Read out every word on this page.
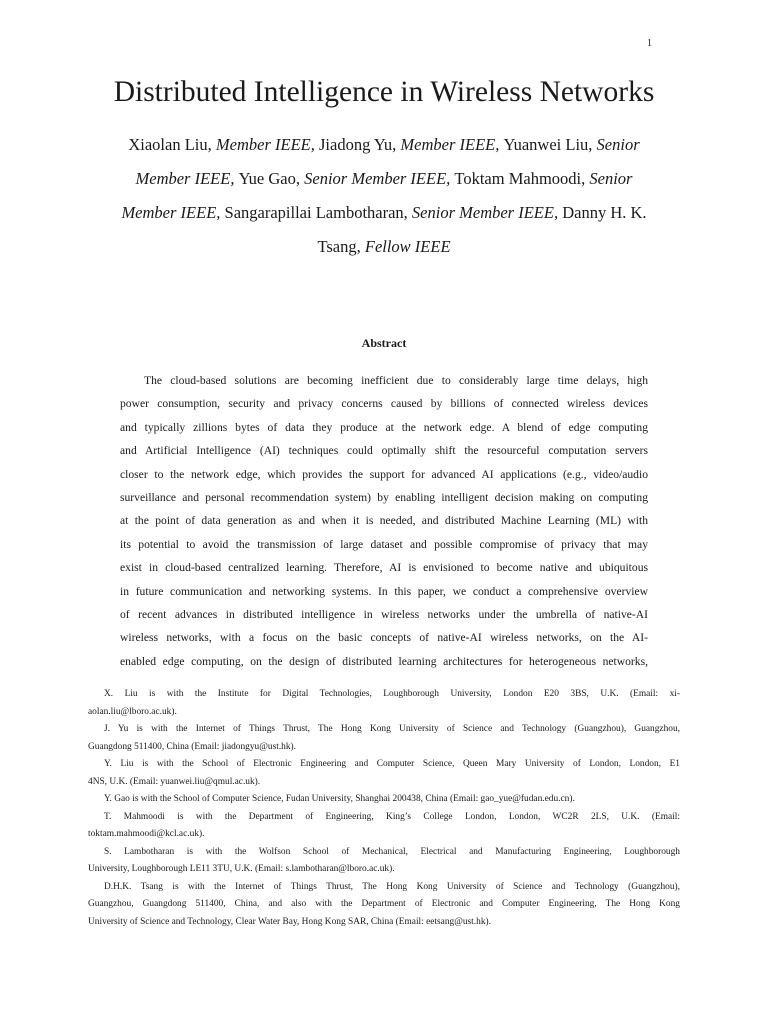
1
Distributed Intelligence in Wireless Networks
Xiaolan Liu, Member IEEE, Jiadong Yu, Member IEEE, Yuanwei Liu, Senior
Member IEEE, Yue Gao, Senior Member IEEE, Toktam Mahmoodi, Senior
Member IEEE, Sangarapillai Lambotharan, Senior Member IEEE, Danny H. K.
Tsang, Fellow IEEE
Abstract
The cloud-based solutions are becoming inefficient due to considerably large time delays, high
power consumption, security and privacy concerns caused by billions of connected wireless devices
and typically zillions bytes of data they produce at the network edge. A blend of edge computing
and Artificial Intelligence (AI) techniques could optimally shift the resourceful computation servers
closer to the network edge, which provides the support for advanced AI applications (e.g., video/audio
surveillance and personal recommendation system) by enabling intelligent decision making on computing
at the point of data generation as and when it is needed, and distributed Machine Learning (ML) with
its potential to avoid the transmission of large dataset and possible compromise of privacy that may
exist in cloud-based centralized learning. Therefore, AI is envisioned to become native and ubiquitous
in future communication and networking systems. In this paper, we conduct a comprehensive overview
of recent advances in distributed intelligence in wireless networks under the umbrella of native-AI
wireless networks, with a focus on the basic concepts of native-AI wireless networks, on the AI-
enabled edge computing, on the design of distributed learning architectures for heterogeneous networks,
X. Liu is with the Institute for Digital Technologies, Loughborough University, London E20 3BS, U.K. (Email: xi-
aolan.liu@lboro.ac.uk).
J. Yu is with the Internet of Things Thrust, The Hong Kong University of Science and Technology (Guangzhou), Guangzhou,
Guangdong 511400, China (Email: jiadongyu@ust.hk).
Y. Liu is with the School of Electronic Engineering and Computer Science, Queen Mary University of London, London, E1
4NS, U.K. (Email: yuanwei.liu@qmul.ac.uk).
Y. Gao is with the School of Computer Science, Fudan University, Shanghai 200438, China (Email: gao_yue@fudan.edu.cn).
T. Mahmoodi is with the Department of Engineering, King’s College London, London, WC2R 2LS, U.K. (Email:
toktam.mahmoodi@kcl.ac.uk).
S. Lambotharan is with the Wolfson School of Mechanical, Electrical and Manufacturing Engineering, Loughborough
University, Loughborough LE11 3TU, U.K. (Email: s.lambotharan@lboro.ac.uk).
D.H.K. Tsang is with the Internet of Things Thrust, The Hong Kong University of Science and Technology (Guangzhou),
Guangzhou, Guangdong 511400, China, and also with the Department of Electronic and Computer Engineering, The Hong Kong
University of Science and Technology, Clear Water Bay, Hong Kong SAR, China (Email: eetsang@ust.hk).
